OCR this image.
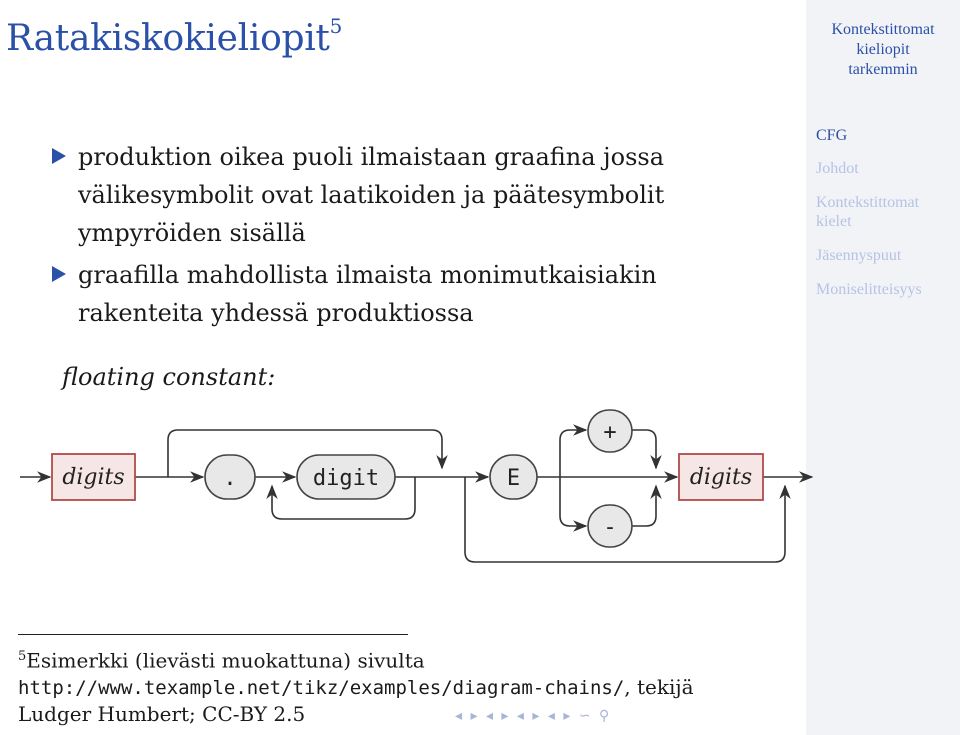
Ratakiskokieliopit$^5$	Kontekstittomat
kieliopit
tarkemmin
CFG
Johdot
Kontekstittomat
kielet
Jäsennyspuut
Moniselitteisyys
produktion oikea puoli ilmaistaan graafina jossa välikesymbolit ovat laatikoiden ja päätesymbolit ympyröiden sisällä
graafilla mahdollista ilmaista monimutkaisiakin rakenteita yhdessä produktiossa
floating constant:
digits	digits
.	digit	E
+
-
$^5$Esimerkki (lievästi muokattuna) sivulta
http://www.texample.net/tikz/examples/diagram-chains/, tekijä
Ludger Humbert; CC-BY 2.5	◂ ▸ ◂ ▸ ◂ ▸ ◂ ▸ ∽ ⚲
